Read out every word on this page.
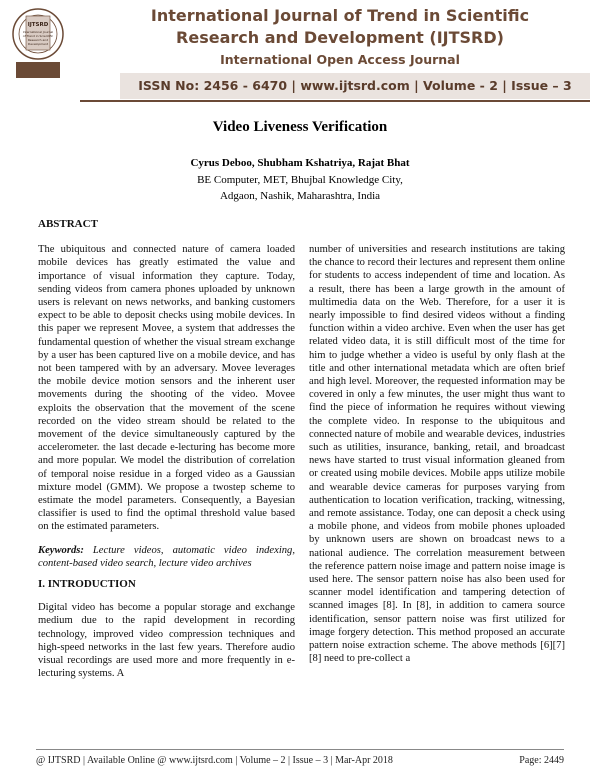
IJTSRD
International Journal
of Trend in Scientific
Research and
Development
International Journal of Trend in Scientific
Research and Development (IJTSRD)
International Open Access Journal
ISSN No: 2456 - 6470 | www.ijtsrd.com | Volume - 2 | Issue – 3
Video Liveness Verification
Cyrus Deboo, Shubham Kshatriya, Rajat Bhat
BE Computer, MET, Bhujbal Knowledge City,
Adgaon, Nashik, Maharashtra, India
ABSTRACT

The ubiquitous and connected nature of camera loaded mobile devices has greatly estimated the value and importance of visual information they capture. Today, sending videos from camera phones uploaded by unknown users is relevant on news networks, and banking customers expect to be able to deposit checks using mobile devices. In this paper we represent Movee, a system that addresses the fundamental question of whether the visual stream exchange by a user has been captured live on a mobile device, and has not been tampered with by an adversary. Movee leverages the mobile device motion sensors and the inherent user movements during the shooting of the video. Movee exploits the observation that the movement of the scene recorded on the video stream should be related to the movement of the device simultaneously captured by the accelerometer. the last decade e-lecturing has become more and more popular. We model the distribution of correlation of temporal noise residue in a forged video as a Gaussian mixture model (GMM). We propose a twostep scheme to estimate the model parameters. Consequently, a Bayesian classifier is used to find the optimal threshold value based on the estimated parameters.

Keywords: Lecture videos, automatic video indexing, content-based video search, lecture video archives

I. INTRODUCTION

Digital video has become a popular storage and exchange medium due to the rapid development in recording technology, improved video compression techniques and high-speed networks in the last few years. Therefore audio visual recordings are used more and more frequently in e-lecturing systems. A

number of universities and research institutions are taking the chance to record their lectures and represent them online for students to access independent of time and location. As a result, there has been a large growth in the amount of multimedia data on the Web. Therefore, for a user it is nearly impossible to find desired videos without a finding function within a video archive. Even when the user has get related video data, it is still difficult most of the time for him to judge whether a video is useful by only flash at the title and other international metadata which are often brief and high level. Moreover, the requested information may be covered in only a few minutes, the user might thus want to find the piece of information he requires without viewing the complete video. In response to the ubiquitous and connected nature of mobile and wearable devices, industries such as utilities, insurance, banking, retail, and broadcast news have started to trust visual information gleaned from or created using mobile devices. Mobile apps utilize mobile and wearable device cameras for purposes varying from authentication to location verification, tracking, witnessing, and remote assistance. Today, one can deposit a check using a mobile phone, and videos from mobile phones uploaded by unknown users are shown on broadcast news to a national audience. The correlation measurement between the reference pattern noise image and pattern noise image is used here. The sensor pattern noise has also been used for scanner model identification and tampering detection of scanned images [8]. In [8], in addition to camera source identification, sensor pattern noise was first utilized for image forgery detection. This method proposed an accurate pattern noise extraction scheme. The above methods [6][7][8] need to pre-collect a

@ IJTSRD | Available Online @ www.ijtsrd.com | Volume – 2 | Issue – 3 | Mar-Apr 2018	Page: 2449
